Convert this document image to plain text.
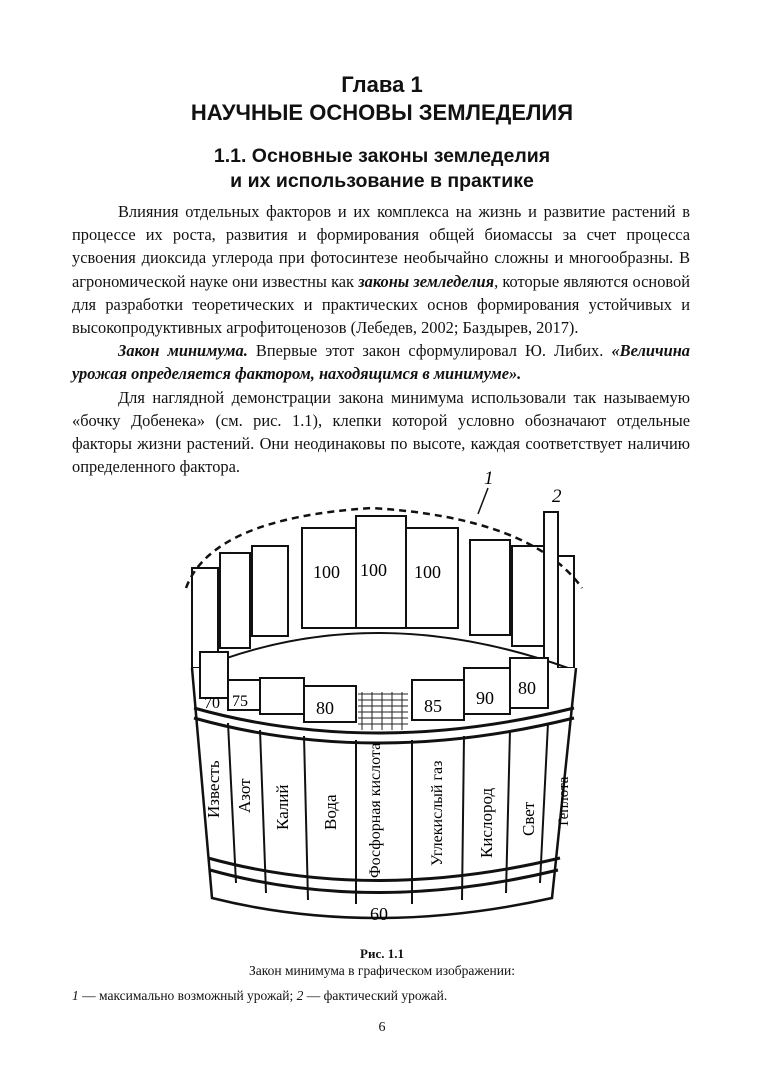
Глава 1
НАУЧНЫЕ ОСНОВЫ ЗЕМЛЕДЕЛИЯ
1.1. Основные законы земледелия
и их использование в практике

Влияния отдельных факторов и их комплекса на жизнь и развитие растений в процессе их роста, развития и формирования общей биомассы за счет процесса усвоения диоксида углерода при фотосинтезе необычайно сложны и многообразны. В агрономической науке они известны как законы земледелия, которые являются основой для разработки теоретических и практических основ формирования устойчивых и высокопродуктивных агрофитоценозов (Лебедев, 2002; Баздырев, 2017).

Закон минимума. Впервые этот закон сформулировал Ю. Либих. «Величина урожая определяется фактором, находящимся в минимуме».

Для наглядной демонстрации закона минимума использовали так называемую «бочку Добенека» (см. рис. 1.1), клепки которой условно обозначают отдельные факторы жизни растений. Они неодинаковы по высоте, каждая соответствует наличию определенного фактора.

1
2
100 100 100
70 75	80	85 90 80
Известь Азот Калий Вода Фосфорная кислота	Углекислый газ Кислород Свет Теплота
60
Рис. 1.1
Закон минимума в графическом изображении:
1 — максимально возможный урожай; 2 — фактический урожай.
6
